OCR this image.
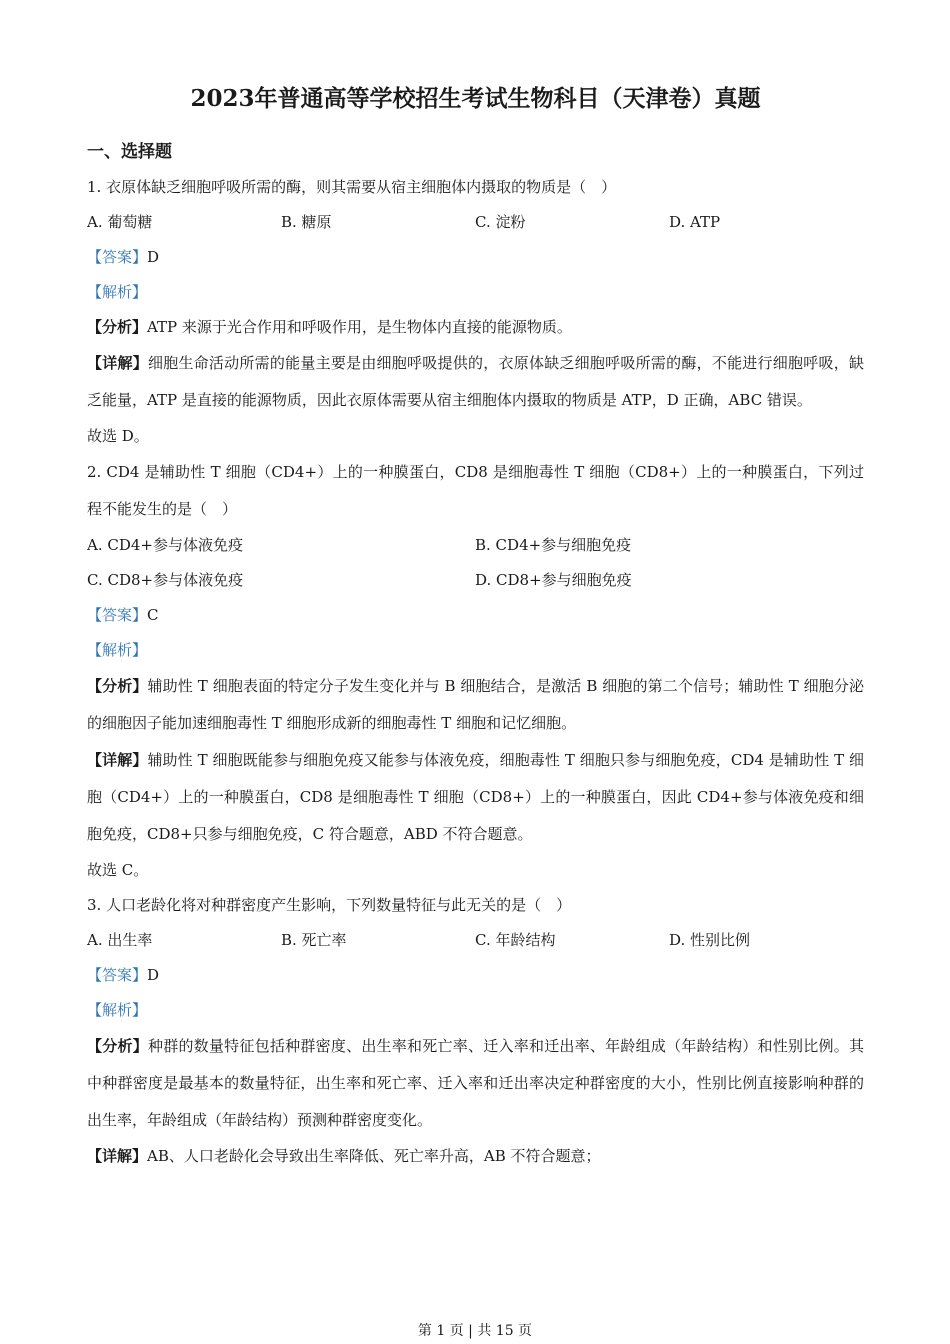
2023年普通高等学校招生考试生物科目（天津卷）真题
一、选择题
1. 衣原体缺乏细胞呼吸所需的酶，则其需要从宿主细胞体内摄取的物质是（　）
A. 葡萄糖	B. 糖原	C. 淀粉	D. ATP
【答案】D
【解析】
【分析】ATP 来源于光合作用和呼吸作用，是生物体内直接的能源物质。

【详解】细胞生命活动所需的能量主要是由细胞呼吸提供的，衣原体缺乏细胞呼吸所需的酶，不能进行细胞呼吸，缺乏能量，ATP 是直接的能源物质，因此衣原体需要从宿主细胞体内摄取的物质是 ATP，D 正确，ABC 错误。

故选 D。

2. CD4 是辅助性 T 细胞（CD4+）上的一种膜蛋白，CD8 是细胞毒性 T 细胞（CD8+）上的一种膜蛋白，下列过程不能发生的是（　）

A. CD4+参与体液免疫	B. CD4+参与细胞免疫
C. CD8+参与体液免疫	D. CD8+参与细胞免疫
【答案】C
【解析】

【分析】辅助性 T 细胞表面的特定分子发生变化并与 B 细胞结合，是激活 B 细胞的第二个信号；辅助性 T 细胞分泌的细胞因子能加速细胞毒性 T 细胞形成新的细胞毒性 T 细胞和记忆细胞。

【详解】辅助性 T 细胞既能参与细胞免疫又能参与体液免疫，细胞毒性 T 细胞只参与细胞免疫，CD4 是辅助性 T 细胞（CD4+）上的一种膜蛋白，CD8 是细胞毒性 T 细胞（CD8+）上的一种膜蛋白，因此 CD4+参与体液免疫和细胞免疫，CD8+只参与细胞免疫，C 符合题意，ABD 不符合题意。

故选 C。
3. 人口老龄化将对种群密度产生影响，下列数量特征与此无关的是（　）
A. 出生率	B. 死亡率	C. 年龄结构	D. 性别比例
【答案】D
【解析】

【分析】种群的数量特征包括种群密度、出生率和死亡率、迁入率和迁出率、年龄组成（年龄结构）和性别比例。其中种群密度是最基本的数量特征，出生率和死亡率、迁入率和迁出率决定种群密度的大小，性别比例直接影响种群的出生率，年龄组成（年龄结构）预测种群密度变化。

【详解】AB、人口老龄化会导致出生率降低、死亡率升高，AB 不符合题意；
第 1 页 | 共 15 页
